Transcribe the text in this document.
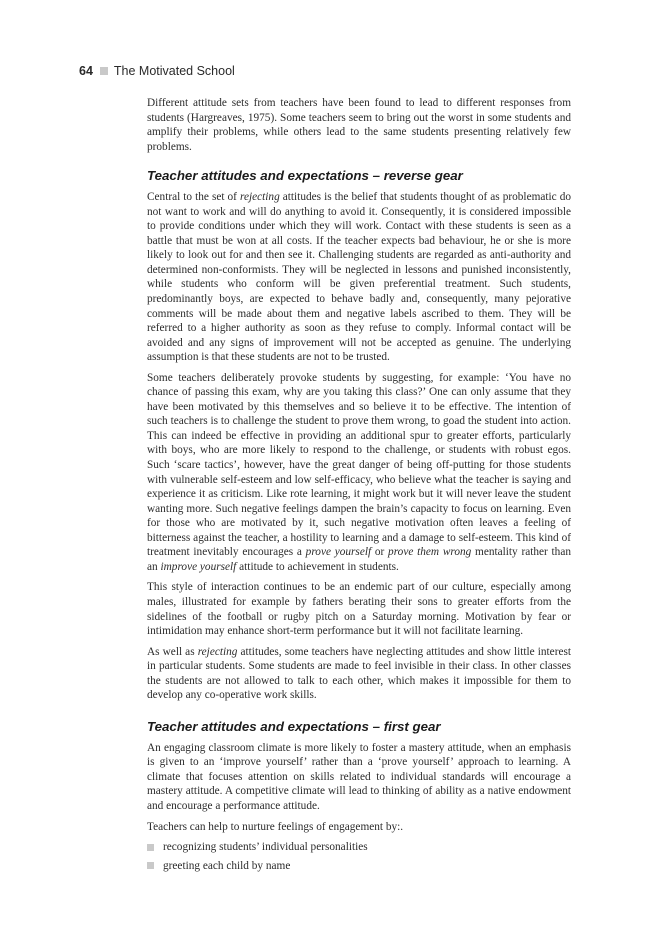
64 The Motivated School

Different attitude sets from teachers have been found to lead to different responses from students (Hargreaves, 1975). Some teachers seem to bring out the worst in some students and amplify their problems, while others lead to the same students presenting relatively few problems.

Teacher attitudes and expectations – reverse gear

Central to the set of rejecting attitudes is the belief that students thought of as problematic do not want to work and will do anything to avoid it. Consequently, it is considered impossible to provide conditions under which they will work. Contact with these students is seen as a battle that must be won at all costs. If the teacher expects bad behaviour, he or she is more likely to look out for and then see it. Challenging students are regarded as anti-authority and determined non-conformists. They will be neglected in lessons and punished inconsistently, while students who conform will be given preferential treatment. Such students, predominantly boys, are expected to behave badly and, consequently, many pejorative comments will be made about them and negative labels ascribed to them. They will be referred to a higher authority as soon as they refuse to comply. Informal contact will be avoided and any signs of improvement will not be accepted as genuine. The underlying assumption is that these students are not to be trusted.

Some teachers deliberately provoke students by suggesting, for example: ‘You have no chance of passing this exam, why are you taking this class?’ One can only assume that they have been motivated by this themselves and so believe it to be effective. The intention of such teachers is to challenge the student to prove them wrong, to goad the student into action. This can indeed be effective in providing an additional spur to greater efforts, particularly with boys, who are more likely to respond to the challenge, or students with robust egos. Such ‘scare tactics’, however, have the great danger of being off-putting for those students with vulnerable self-esteem and low self-efficacy, who believe what the teacher is saying and experience it as criticism. Like rote learning, it might work but it will never leave the student wanting more. Such negative feelings dampen the brain’s capacity to focus on learning. Even for those who are motivated by it, such negative motivation often leaves a feeling of bitterness against the teacher, a hostility to learning and a damage to self-esteem. This kind of treatment inevitably encourages a prove yourself or prove them wrong mentality rather than an improve yourself attitude to achievement in students.

This style of interaction continues to be an endemic part of our culture, especially among males, illustrated for example by fathers berating their sons to greater efforts from the sidelines of the football or rugby pitch on a Saturday morning. Motivation by fear or intimidation may enhance short-term performance but it will not facilitate learning.

As well as rejecting attitudes, some teachers have neglecting attitudes and show little interest in particular students. Some students are made to feel invisible in their class. In other classes the students are not allowed to talk to each other, which makes it impossible for them to develop any co-operative work skills.

Teacher attitudes and expectations – first gear

An engaging classroom climate is more likely to foster a mastery attitude, when an emphasis is given to an ‘improve yourself’ rather than a ‘prove yourself’ approach to learning. A climate that focuses attention on skills related to individual standards will encourage a mastery attitude. A competitive climate will lead to thinking of ability as a native endowment and encourage a performance attitude.

Teachers can help to nurture feelings of engagement by:.

recognizing students’ individual personalities
greeting each child by name
